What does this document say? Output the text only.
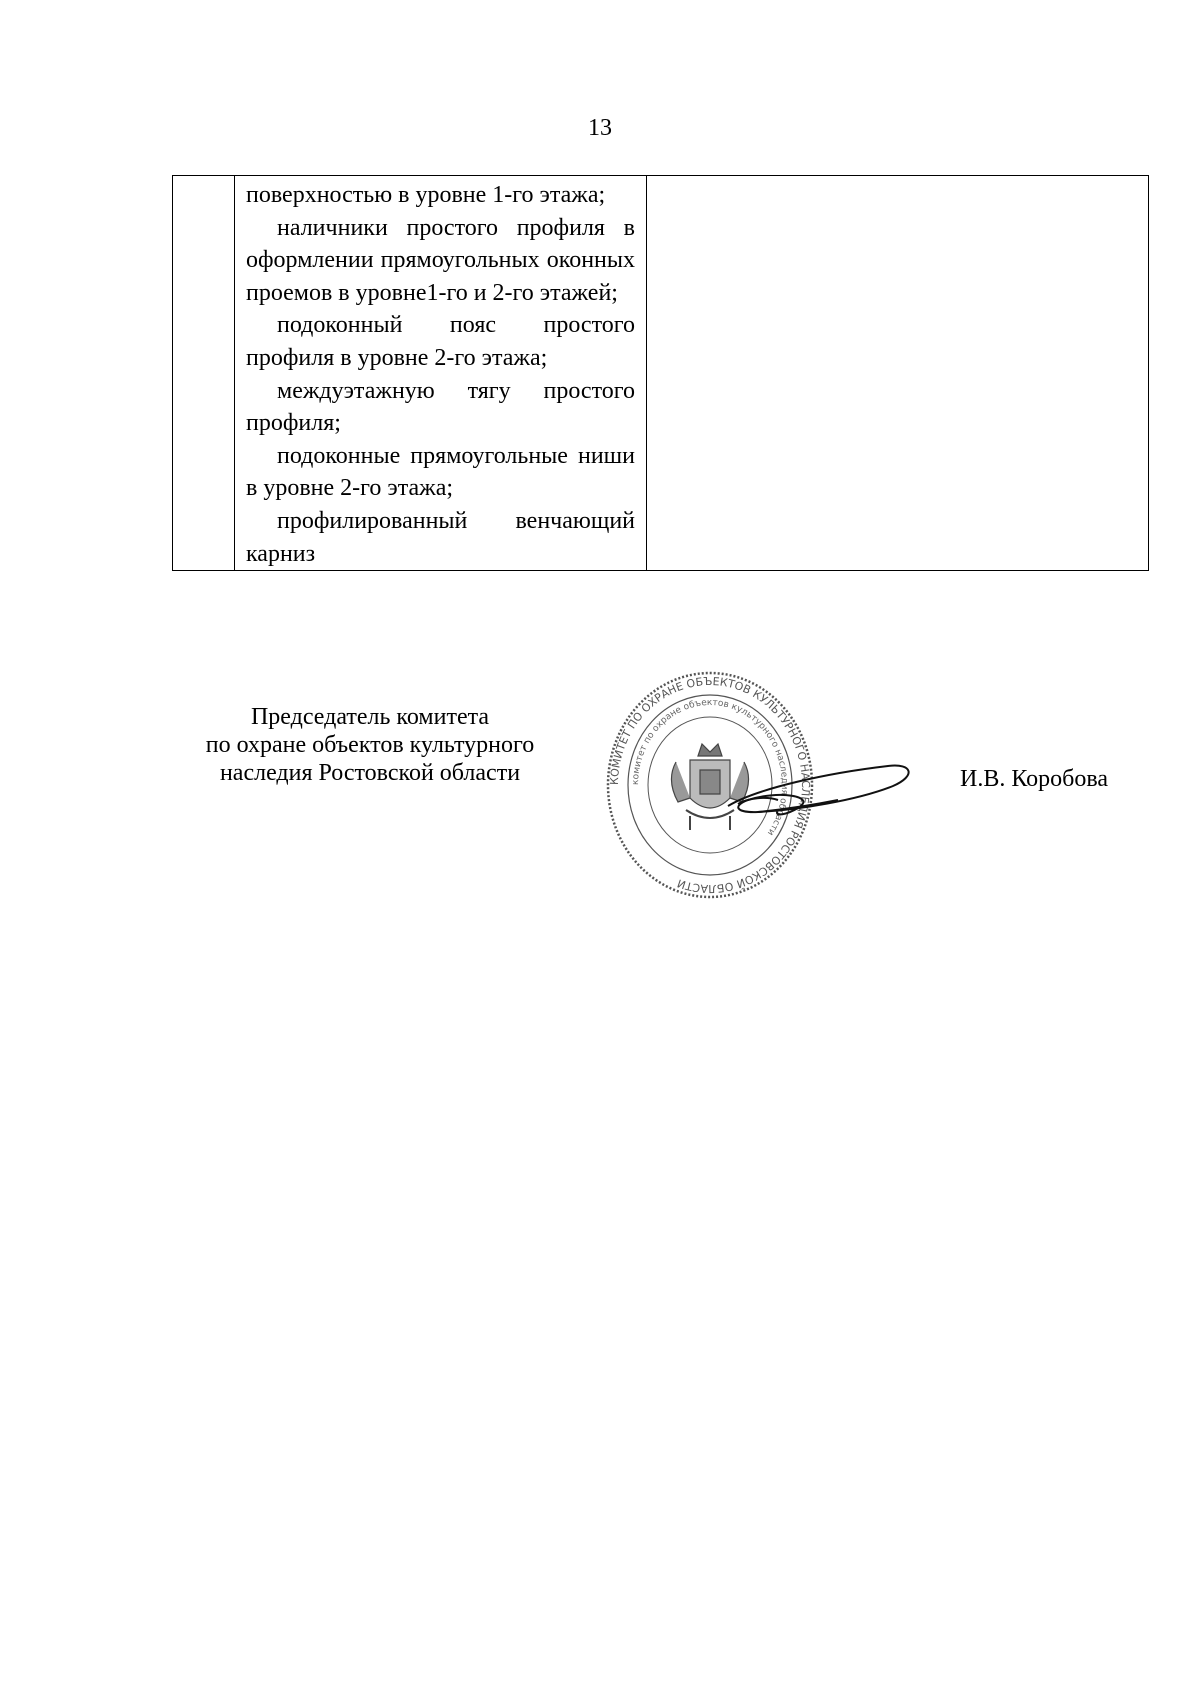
13

поверхностью в уровне 1-го этажа;

наличники простого профиля в оформлении прямоугольных оконных проемов в уровне1-го и 2-го этажей;

подоконный пояс простого профиля в уровне 2-го этажа;

междуэтажную тягу простого профиля;

подоконные прямоугольные ниши в уровне 2-го этажа;

профилированный венчающий карниз

Председатель комитета
по охране объектов культурного
наследия Ростовской области	КОМИТЕТ ПО ОХРАНЕ ОБЪЕКТОВ КУЛЬТУРНОГО НАСЛЕДИЯ РОСТОВСКОЙ ОБЛАСТИ
комитет по охране объектов культурного наследия области
И.В. Коробова
